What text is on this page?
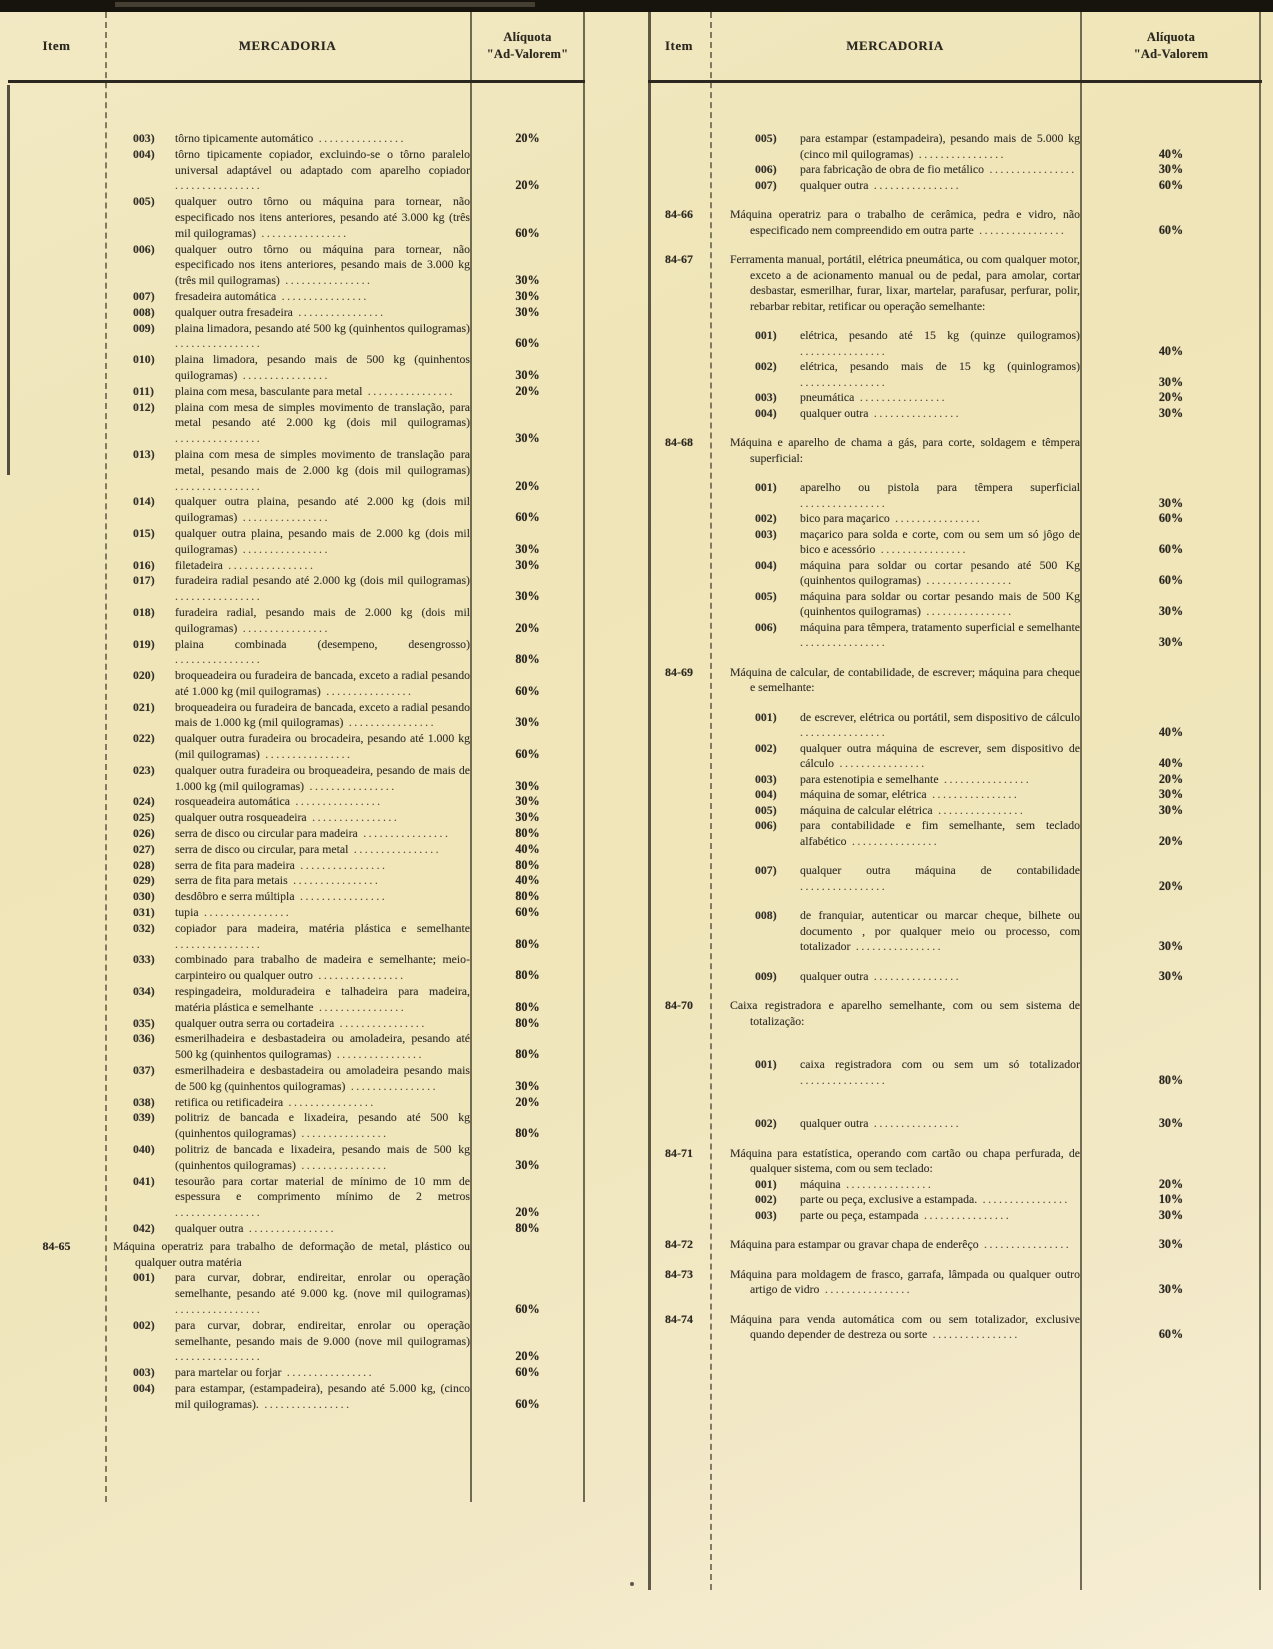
Item	MERCADORIA
Alíquota
"Ad-Valorem"
003) tôrno tipicamente automático ................	20%
004) tôrno tipicamente copiador, excluindo-se o tôrno paralelo universal adaptável ou adaptado com aparelho copiador ................	20%
005) qualquer outro tôrno ou máquina para tornear, não especificado nos itens anteriores, pesando até 3.000 kg (três mil quilogramas) ................	60%
006) qualquer outro tôrno ou máquina para tornear, não especificado nos itens anteriores, pesando mais de 3.000 kg (três mil quilogramas) ................	30%
007) fresadeira automática ................	30%
008) qualquer outra fresadeira ................	30%
009) plaina limadora, pesando até 500 kg (quinhentos quilogramas) ................	60%
010) plaina limadora, pesando mais de 500 kg (quinhentos quilogramas) ................	30%
011) plaina com mesa, basculante para metal ................	20%
012) plaina com mesa de simples movimento de translação, para metal pesando até 2.000 kg (dois mil quilogramas) ................	30%
013) plaina com mesa de simples movimento de translação para metal, pesando mais de 2.000 kg (dois mil quilogramas) ................	20%
014) qualquer outra plaina, pesando até 2.000 kg (dois mil quilogramas) ................	60%
015) qualquer outra plaina, pesando mais de 2.000 kg (dois mil quilogramas) ................	30%
016) filetadeira ................	30%
017) furadeira radial pesando até 2.000 kg (dois mil quilogramas) ................	30%
018) furadeira radial, pesando mais de 2.000 kg (dois mil quilogramas) ................	20%
019) plaina combinada (desempeno, desengrosso) ................	80%
020) broqueadeira ou furadeira de bancada, exceto a radial pesando até 1.000 kg (mil quilogramas) ................	60%
021) broqueadeira ou furadeira de bancada, exceto a radial pesando mais de 1.000 kg (mil quilogramas) ................	30%
022) qualquer outra furadeira ou brocadeira, pesando até 1.000 kg (mil quilogramas) ................	60%
023) qualquer outra furadeira ou broqueadeira, pesando de mais de 1.000 kg (mil quilogramas) ................	30%
024) rosqueadeira automática ................	30%
025) qualquer outra rosqueadeira ................	30%
026) serra de disco ou circular para madeira ................	80%
027) serra de disco ou circular, para metal ................	40%
028) serra de fita para madeira ................	80%
029) serra de fita para metais ................	40%
030) desdôbro e serra múltipla ................	80%
031) tupia ................	60%
032) copiador para madeira, matéria plástica e semelhante ................	80%
033) combinado para trabalho de madeira e semelhante; meio-carpinteiro ou qualquer outro ................	80%
034) respingadeira, molduradeira e talhadeira para madeira, matéria plástica e semelhante ................	80%
035) qualquer outra serra ou cortadeira ................	80%
036) esmerilhadeira e desbastadeira ou amoladeira, pesando até 500 kg (quinhentos quilogramas) ................	80%
037) esmerilhadeira e desbastadeira ou amoladeira pesando mais de 500 kg (quinhentos quilogramas) ................	30%
038) retifica ou retificadeira ................	20%
039) politriz de bancada e lixadeira, pesando até 500 kg (quinhentos quilogramas) ................	80%
040) politriz de bancada e lixadeira, pesando mais de 500 kg (quinhentos quilogramas) ................	30%
041) tesourão para cortar material de mínimo de 10 mm de espessura e comprimento mínimo de 2 metros ................	20%
042) qualquer outra ................	80%
84-65	Máquina operatriz para trabalho de deformação de metal, plástico ou qualquer outra matéria
001) para curvar, dobrar, endireitar, enrolar ou operação semelhante, pesando até 9.000 kg. (nove mil quilogramas) ................	60%
002) para curvar, dobrar, endireitar, enrolar ou operação semelhante, pesando mais de 9.000 (nove mil quilogramas) ................	20%
003) para martelar ou forjar ................	60%
004) para estampar, (estampadeira), pesando até 5.000 kg, (cinco mil quilogramas). ................	60%
Item	MERCADORIA
Alíquota
"Ad-Valorem
005) para estampar (estampadeira), pesando mais de 5.000 kg (cinco mil quilogramas) ................	40%
006) para fabricação de obra de fio metálico ................	30%
007) qualquer outra ................	60%
84-66	Máquina operatriz para o trabalho de cerâmica, pedra e vidro, não especificado nem compreendido em outra parte ................	60%
84-67	Ferramenta manual, portátil, elétrica pneumática, ou com qualquer motor, exceto a de acionamento manual ou de pedal, para amolar, cortar desbastar, esmerilhar, furar, lixar, martelar, parafusar, perfurar, polir, rebarbar rebitar, retificar ou operação semelhante:
001) elétrica, pesando até 15 kg (quinze quilogramos) ................	40%
002) elétrica, pesando mais de 15 kg (quinlogramos) ................	30%
003) pneumática ................	20%
004) qualquer outra ................	30%
84-68	Máquina e aparelho de chama a gás, para corte, soldagem e têmpera superficial:
001) aparelho ou pistola para têmpera superficial ................	30%
002) bico para maçarico ................	60%
003) maçarico para solda e corte, com ou sem um só jôgo de bico e acessório ................	60%
004) máquina para soldar ou cortar pesando até 500 Kg (quinhentos quilogramas) ................	60%
005) máquina para soldar ou cortar pesando mais de 500 Kg (quinhentos quilogramas) ................	30%
006) máquina para têmpera, tratamento superficial e semelhante ................	30%
84-69	Máquina de calcular, de contabilidade, de escrever; máquina para cheque e semelhante:
001) de escrever, elétrica ou portátil, sem dispositivo de cálculo ................	40%
002) qualquer outra máquina de escrever, sem dispositivo de cálculo ................	40%
003) para estenotipia e semelhante ................	20%
004) máquina de somar, elétrica ................	30%
005) máquina de calcular elétrica ................	30%
006) para contabilidade e fim semelhante, sem teclado alfabético ................	20%
007) qualquer outra máquina de contabilidade ................	20%
008) de franquiar, autenticar ou marcar cheque, bilhete ou documento , por qualquer meio ou processo, com totalizador ................	30%
009) qualquer outra ................	30%
84-70	Caixa registradora e aparelho semelhante, com ou sem sistema de totalização:
001) caixa registradora com ou sem um só totalizador ................	80%
002) qualquer outra ................	30%
84-71	Máquina para estatística, operando com cartão ou chapa perfurada, de qualquer sistema, com ou sem teclado:
001) máquina ................	20%
002) parte ou peça, exclusive a estampada. ................	10%
003) parte ou peça, estampada ................	30%
84-72	Máquina para estampar ou gravar chapa de enderêço ................	30%
84-73	Máquina para moldagem de frasco, garrafa, lâmpada ou qualquer outro artigo de vidro ................	30%
84-74	Máquina para venda automática com ou sem totalizador, exclusive quando depender de destreza ou sorte ................	60%
